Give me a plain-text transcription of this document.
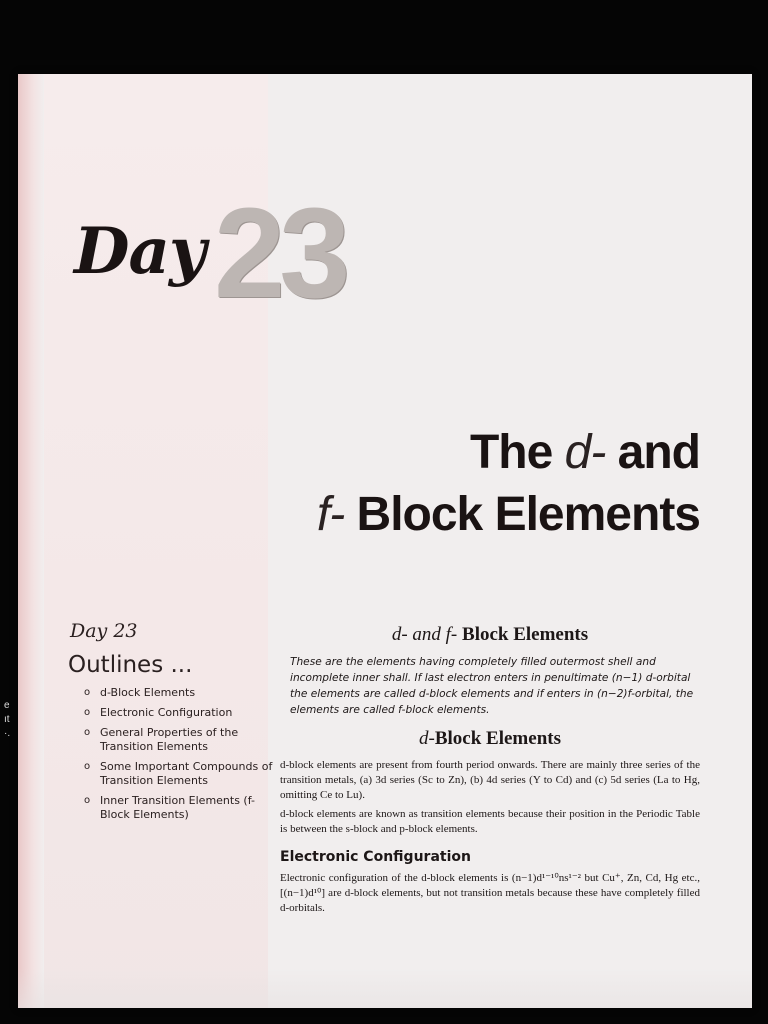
Day 23
The d- and
f- Block Elements
Day 23
Outlines ...
o d-Block Elements
o Electronic Configuration
o General Properties of the Transition Elements
o Some Important Compounds of Transition Elements
o Inner Transition Elements (f-Block Elements)
d- and f- Block Elements

These are the elements having completely filled outermost shell and incomplete inner shall. If last electron enters in penultimate (n−1) d-orbital the elements are called d-block elements and if enters in (n−2)f-orbital, the elements are called f-block elements.

d-Block Elements

d-block elements are present from fourth period onwards. There are mainly three series of the transition metals, (a) 3d series (Sc to Zn), (b) 4d series (Y to Cd) and (c) 5d series (La to Hg, omitting Ce to Lu).

d-block elements are known as transition elements because their position in the Periodic Table is between the s-block and p-block elements.

Electronic Configuration

Electronic configuration of the d-block elements is (n−1)d¹⁻¹⁰ns¹⁻² but Cu⁺, Zn, Cd, Hg etc., [(n−1)d¹⁰] are d-block elements, but not transition metals because these have completely filled d-orbitals.

e
ıt
·.
